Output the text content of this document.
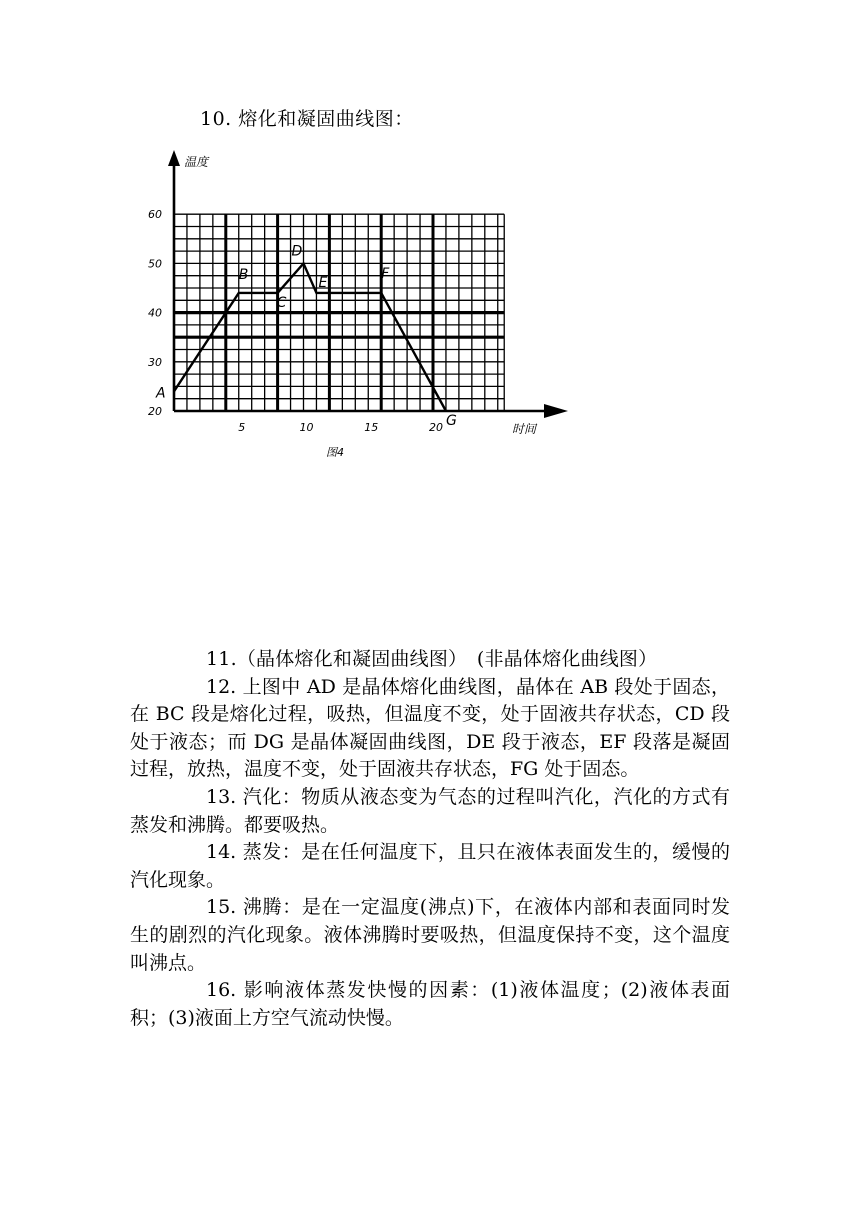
10. 熔化和凝固曲线图：
5	10	15	20
20
30
40
50
60
温度
时间
图4
A
B
C
D
E
F
G

11.（晶体熔化和凝固曲线图）　(非晶体熔化曲线图）

12. 上图中 AD 是晶体熔化曲线图，晶体在 AB 段处于固态，在 BC 段是熔化过程，吸热，但温度不变，处于固液共存状态，CD 段处于液态；而 DG 是晶体凝固曲线图，DE 段于液态，EF 段落是凝固过程，放热，温度不变，处于固液共存状态，FG 处于固态。

13. 汽化：物质从液态变为气态的过程叫汽化，汽化的方式有蒸发和沸腾。都要吸热。

14. 蒸发：是在任何温度下，且只在液体表面发生的，缓慢的汽化现象。

15. 沸腾：是在一定温度(沸点)下，在液体内部和表面同时发生的剧烈的汽化现象。液体沸腾时要吸热，但温度保持不变，这个温度叫沸点。

16. 影响液体蒸发快慢的因素：(1)液体温度；(2)液体表面积；(3)液面上方空气流动快慢。
